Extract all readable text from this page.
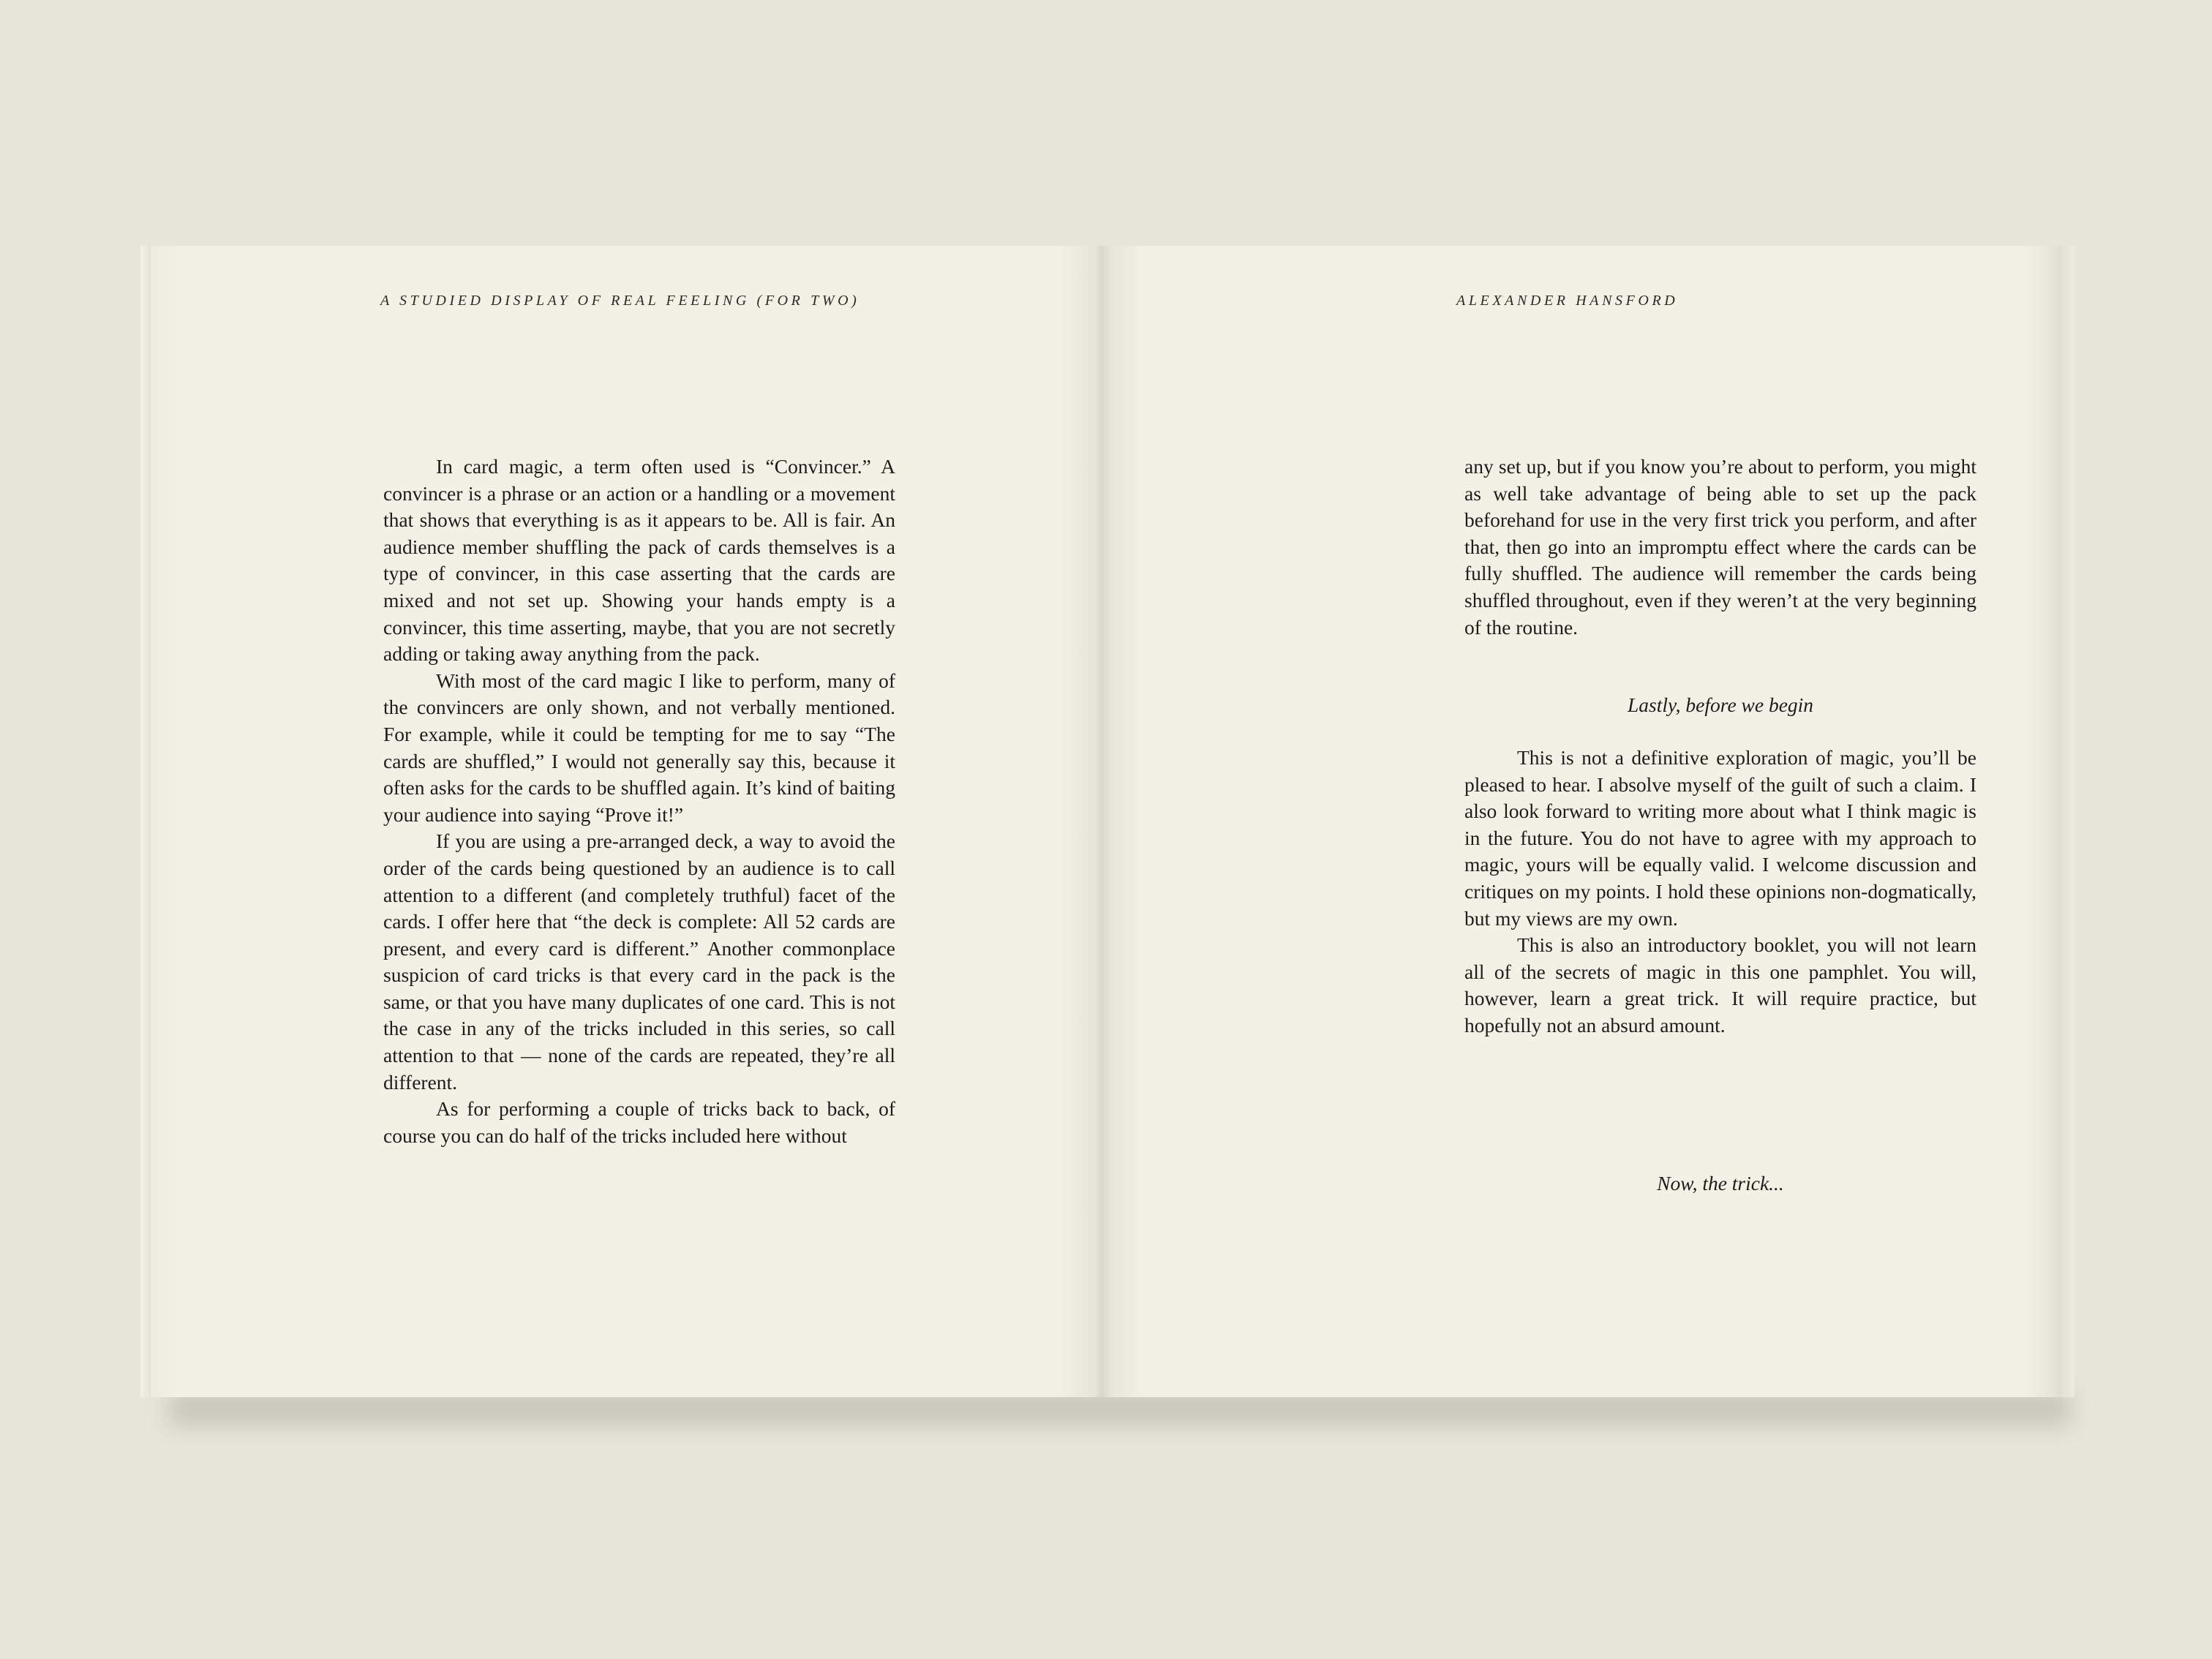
A STUDIED DISPLAY OF REAL FEELING (FOR TWO)

In card magic, a term often used is “Convincer.” A convincer is a phrase or an action or a handling or a movement that shows that everything is as it appears to be. All is fair. An audience member shuffling the pack of cards themselves is a type of convincer, in this case asserting that the cards are mixed and not set up. Showing your hands empty is a convincer, this time asserting, maybe, that you are not secretly adding or taking away anything from the pack.

With most of the card magic I like to perform, many of the convincers are only shown, and not verbally mentioned. For example, while it could be tempting for me to say “The cards are shuffled,” I would not generally say this, because it often asks for the cards to be shuffled again. It’s kind of baiting your audience into saying “Prove it!”

If you are using a pre-arranged deck, a way to avoid the order of the cards being questioned by an audience is to call attention to a different (and completely truthful) facet of the cards. I offer here that “the deck is complete: All 52 cards are present, and every card is different.” Another commonplace suspicion of card tricks is that every card in the pack is the same, or that you have many duplicates of one card. This is not the case in any of the tricks included in this series, so call attention to that — none of the cards are repeated, they’re all different.

As for performing a couple of tricks back to back, of course you can do half of the tricks included here without

ALEXANDER HANSFORD

any set up, but if you know you’re about to perform, you might as well take advantage of being able to set up the pack beforehand for use in the very first trick you perform, and after that, then go into an impromptu effect where the cards can be fully shuffled. The audience will remember the cards being shuffled throughout, even if they weren’t at the very beginning of the routine.

Lastly, before we begin

This is not a definitive exploration of magic, you’ll be pleased to hear. I absolve myself of the guilt of such a claim. I also look forward to writing more about what I think magic is in the future. You do not have to agree with my approach to magic, yours will be equally valid. I welcome discussion and critiques on my points. I hold these opinions non-dogmatically, but my views are my own.

This is also an introductory booklet, you will not learn all of the secrets of magic in this one pamphlet. You will, however, learn a great trick. It will require practice, but hopefully not an absurd amount.

Now, the trick...
